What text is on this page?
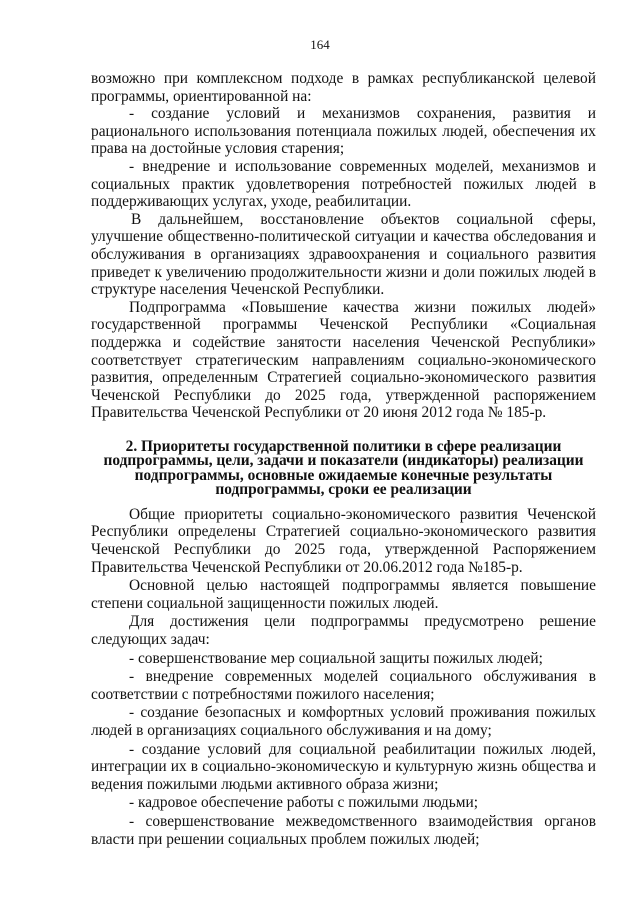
164

возможно при комплексном подходе в рамках республиканской целевой программы, ориентированной на:

- создание условий и механизмов сохранения, развития и рационального использования потенциала пожилых людей, обеспечения их права на достойные условия старения;

- внедрение и использование современных моделей, механизмов и социальных практик удовлетворения потребностей пожилых людей в поддерживающих услугах, уходе, реабилитации.

В дальнейшем, восстановление объектов социальной сферы, улучшение общественно-политической ситуации и качества обследования и обслуживания в организациях здравоохранения и социального развития приведет к увеличению продолжительности жизни и доли пожилых людей в структуре населения Чеченской Республики.

Подпрограмма «Повышение качества жизни пожилых людей» государственной программы Чеченской Республики «Социальная поддержка и содействие занятости населения Чеченской Республики» соответствует стратегическим направлениям социально-экономического развития, определенным Стратегией социально-экономического развития Чеченской Республики до 2025 года, утвержденной распоряжением Правительства Чеченской Республики от 20 июня 2012 года № 185-р.

2. Приоритеты государственной политики в сфере реализации подпрограммы, цели, задачи и показатели (индикаторы) реализации подпрограммы, основные ожидаемые конечные результаты подпрограммы, сроки ее реализации

Общие приоритеты социально-экономического развития Чеченской Республики определены Стратегией социально-экономического развития Чеченской Республики до 2025 года, утвержденной Распоряжением Правительства Чеченской Республики от 20.06.2012 года №185-р.

Основной целью настоящей подпрограммы является повышение степени социальной защищенности пожилых людей.

Для достижения цели подпрограммы предусмотрено решение следующих задач:

- совершенствование мер социальной защиты пожилых людей;

- внедрение современных моделей социального обслуживания в соответствии с потребностями пожилого населения;

- создание безопасных и комфортных условий проживания пожилых людей в организациях социального обслуживания и на дому;

- создание условий для социальной реабилитации пожилых людей, интеграции их в социально-экономическую и культурную жизнь общества и ведения пожилыми людьми активного образа жизни;

- кадровое обеспечение работы с пожилыми людьми;

- совершенствование межведомственного взаимодействия органов власти при решении социальных проблем пожилых людей;
